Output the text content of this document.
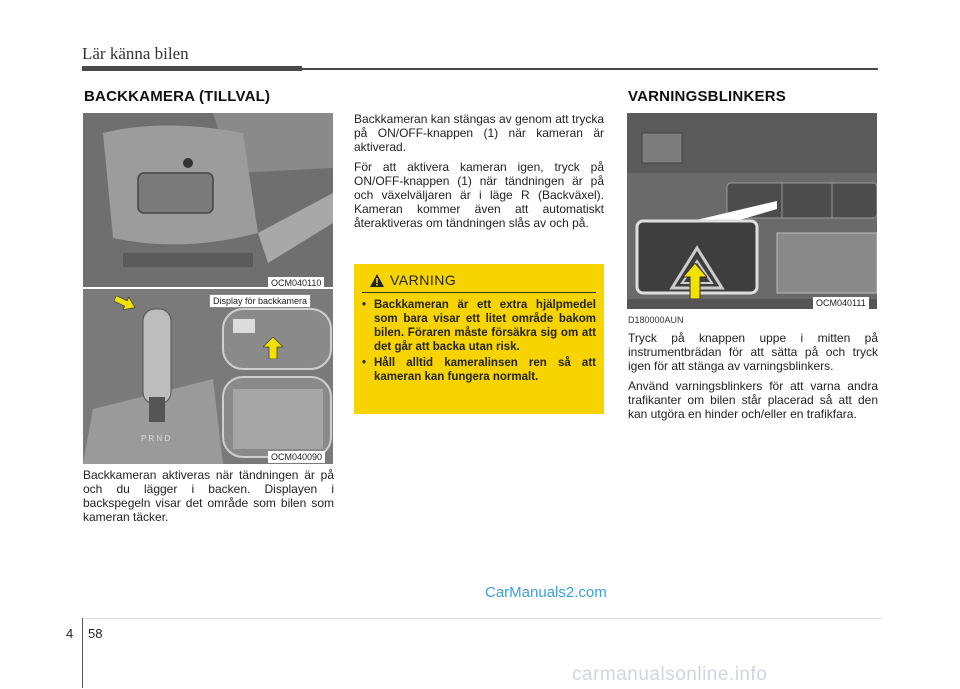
Lär känna bilen
BACKKAMERA (TILLVAL)
OCM040110
P R N D
Display för backkamera
OCM040090

Backkameran aktiveras när tändningen är på och du lägger i backen. Displayen i backspegeln visar det område som bilen som kameran täcker.

Backkameran kan stängas av genom att trycka på ON/OFF-knappen (1) när kameran är aktiverad.

För att aktivera kameran igen, tryck på ON/OFF-knappen (1) när tändningen är på och växelväljaren är i läge R (Backväxel). Kameran kommer även att automatiskt återaktiveras om tändningen slås av och på.

VARNING
• Backkameran är ett extra hjälpmedel som bara visar ett litet område bakom bilen. Föraren måste försäkra sig om att det går att backa utan risk.
• Håll alltid kameralinsen ren så att kameran kan fungera normalt.
VARNINGSBLINKERS
OCM040111
D180000AUN

Tryck på knappen uppe i mitten på instrumentbrädan för att sätta på och tryck igen för att stänga av varningsblinkers.

Använd varningsblinkers för att varna andra trafikanter om bilen står placerad så att den kan utgöra en hinder och/eller en trafikfara.

CarManuals2.com
4 58
carmanualsonline.info
